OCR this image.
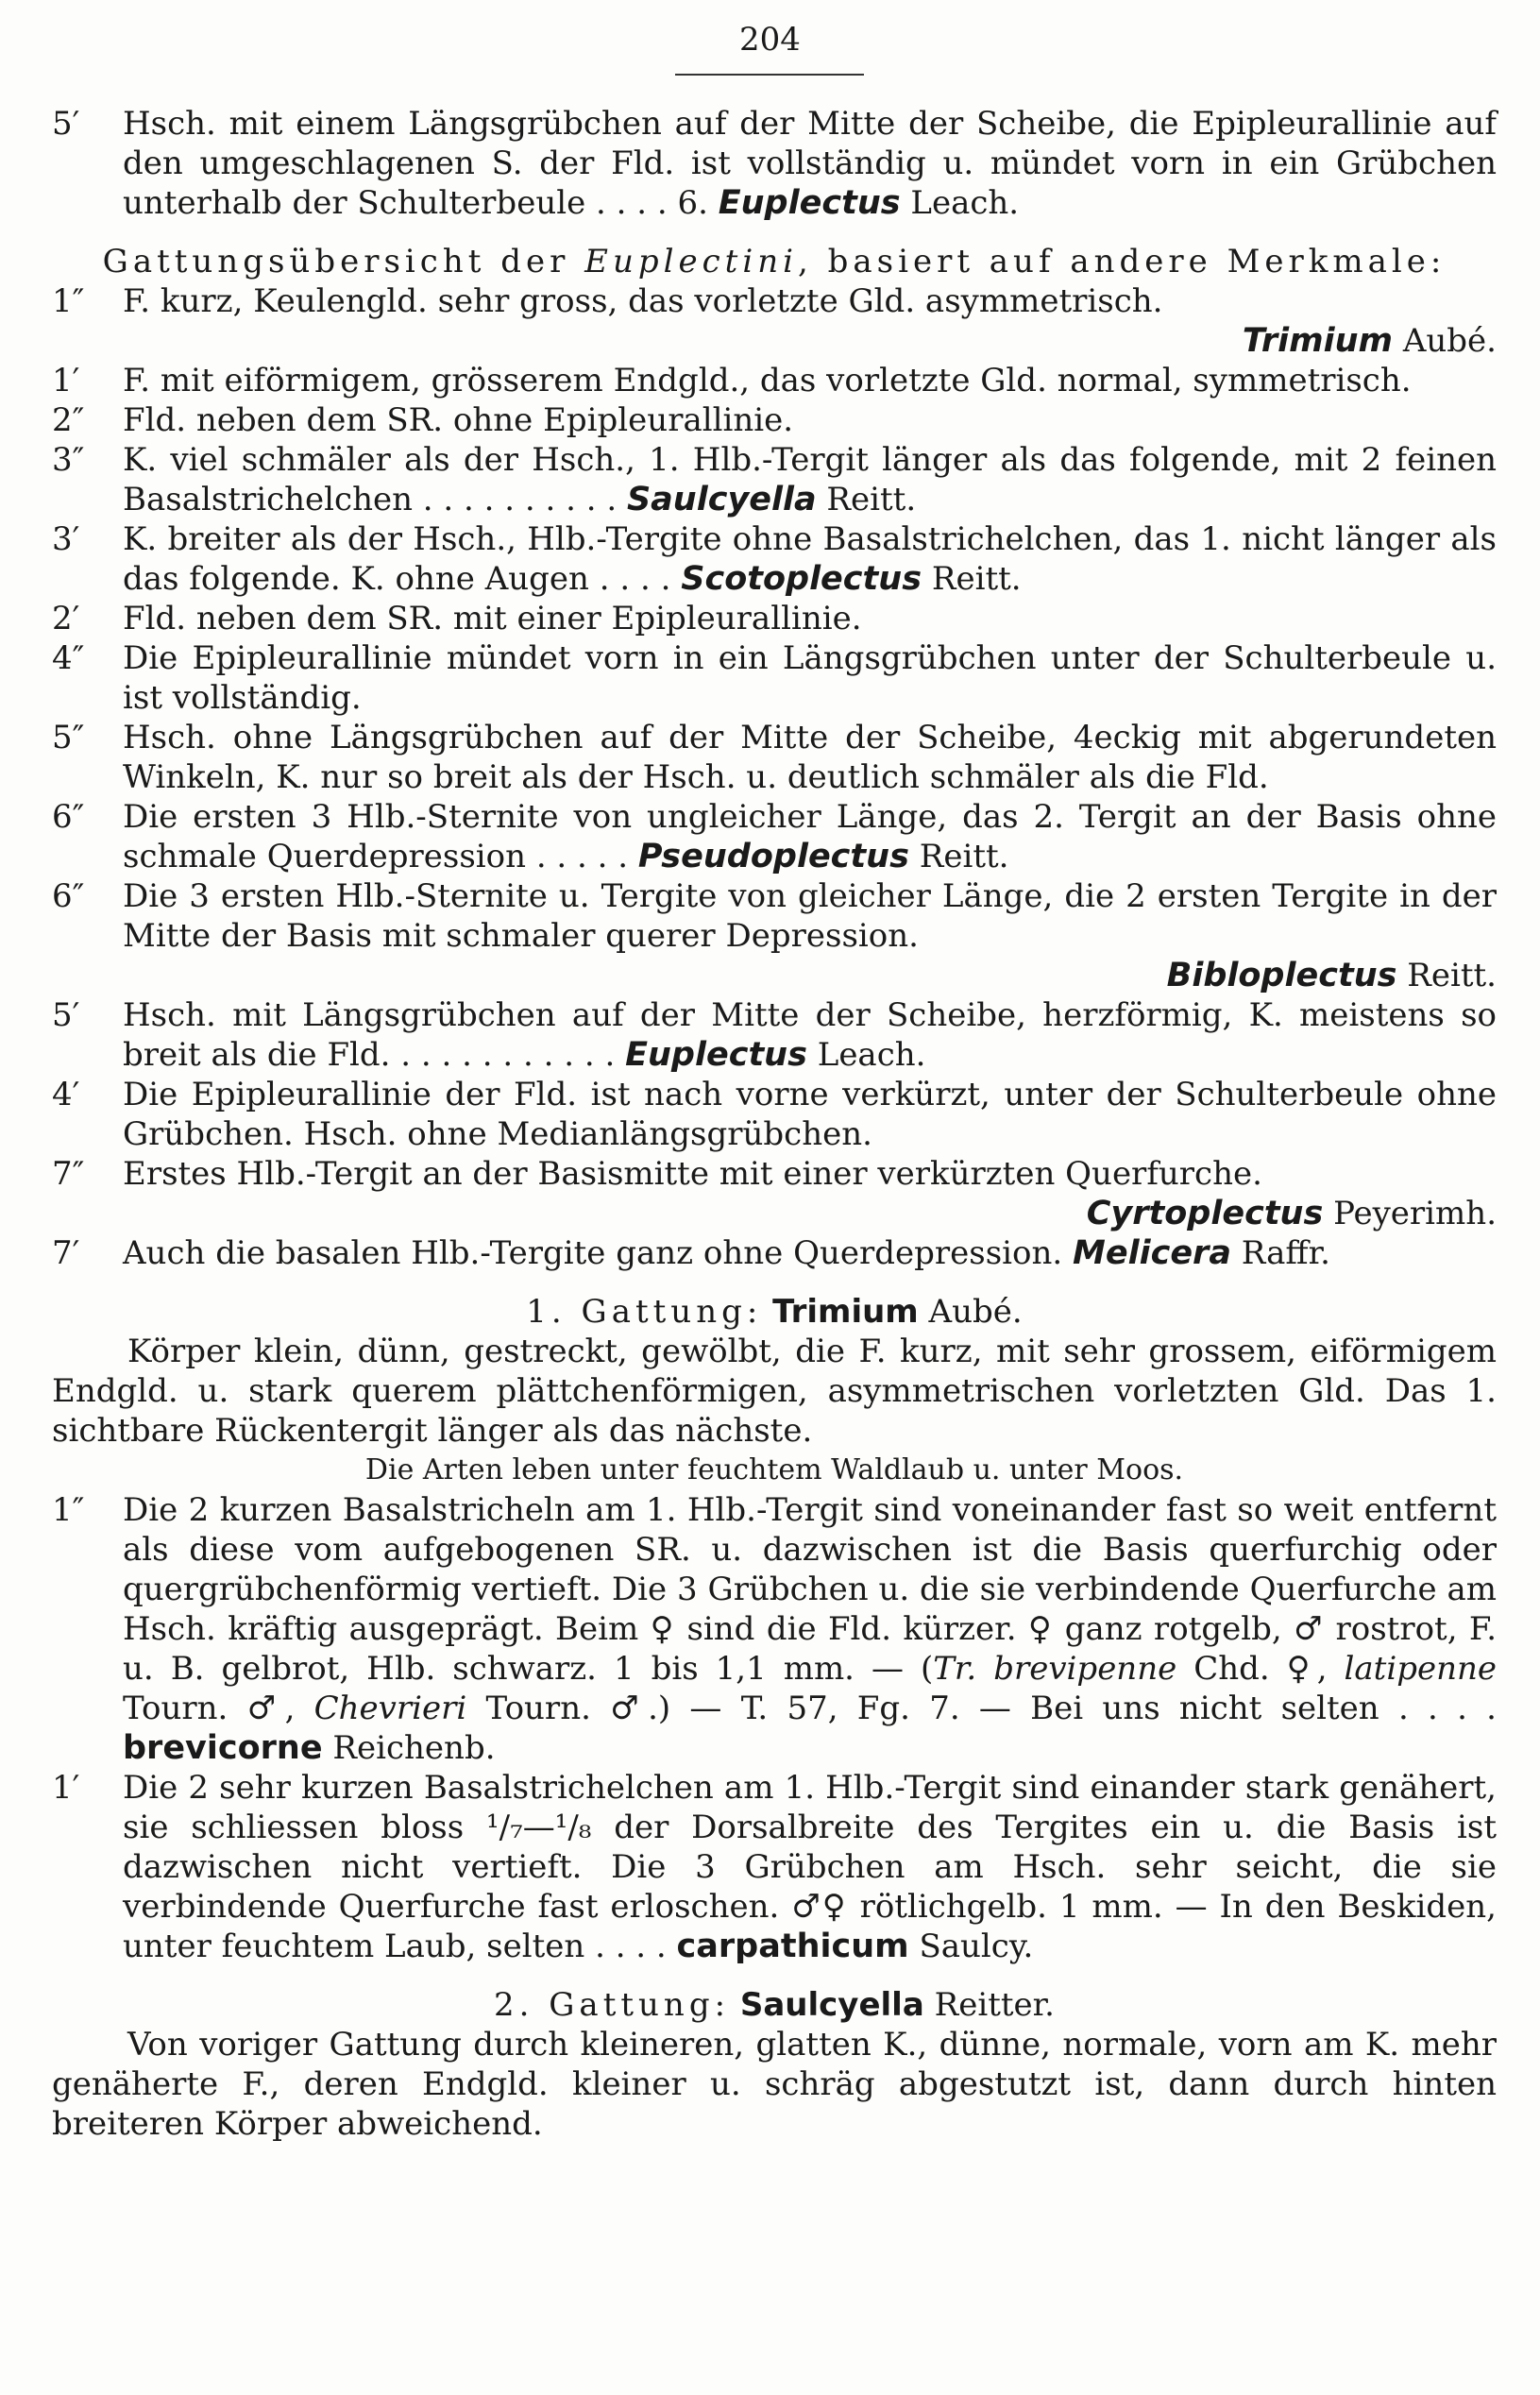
204

5′	Hsch. mit einem Längsgrübchen auf der Mitte der Scheibe, die Epipleurallinie auf den umgeschlagenen S. der Fld. ist vollständig u. mündet vorn in ein Grübchen unterhalb der Schulterbeule . . . . 6. Euplectus Leach.

Gattungsübersicht der Euplectini, basiert auf andere Merkmale:

1″	F. kurz, Keulengld. sehr gross, das vorletzte Gld. asymmetrisch.

Trimium Aubé.

1′	F. mit eiförmigem, grösserem Endgld., das vorletzte Gld. normal, symmetrisch.

2″	Fld. neben dem SR. ohne Epipleurallinie.

3″	K. viel schmäler als der Hsch., 1. Hlb.-Tergit länger als das folgende, mit 2 feinen Basalstrichelchen . . . . . . . . . . Saulcyella Reitt.

3′	K. breiter als der Hsch., Hlb.-Tergite ohne Basalstrichelchen, das 1. nicht länger als das folgende. K. ohne Augen . . . . Scotoplectus Reitt.

2′	Fld. neben dem SR. mit einer Epipleurallinie.

4″	Die Epipleurallinie mündet vorn in ein Längsgrübchen unter der Schulterbeule u. ist vollständig.

5″	Hsch. ohne Längsgrübchen auf der Mitte der Scheibe, 4eckig mit abgerundeten Winkeln, K. nur so breit als der Hsch. u. deutlich schmäler als die Fld.

6″	Die ersten 3 Hlb.-Sternite von ungleicher Länge, das 2. Tergit an der Basis ohne schmale Querdepression . . . . . Pseudoplectus Reitt.

6″	Die 3 ersten Hlb.-Sternite u. Tergite von gleicher Länge, die 2 ersten Tergite in der Mitte der Basis mit schmaler querer Depression.

Bibloplectus Reitt.

5′	Hsch. mit Längsgrübchen auf der Mitte der Scheibe, herzförmig, K. meistens so breit als die Fld. . . . . . . . . . . . Euplectus Leach.

4′	Die Epipleurallinie der Fld. ist nach vorne verkürzt, unter der Schulterbeule ohne Grübchen. Hsch. ohne Medianlängsgrübchen.

7″	Erstes Hlb.-Tergit an der Basismitte mit einer verkürzten Querfurche.

Cyrtoplectus Peyerimh.

7′	Auch die basalen Hlb.-Tergite ganz ohne Querdepression. Melicera Raffr.

1. Gattung: Trimium Aubé.

Körper klein, dünn, gestreckt, gewölbt, die F. kurz, mit sehr grossem, eiförmigem Endgld. u. stark querem plättchenförmigen, asymmetrischen vorletzten Gld. Das 1. sichtbare Rückentergit länger als das nächste.

Die Arten leben unter feuchtem Waldlaub u. unter Moos.

1″	Die 2 kurzen Basalstricheln am 1. Hlb.-Tergit sind voneinander fast so weit entfernt als diese vom aufgebogenen SR. u. dazwischen ist die Basis querfurchig oder quergrübchenförmig vertieft. Die 3 Grübchen u. die sie verbindende Querfurche am Hsch. kräftig ausgeprägt. Beim ♀ sind die Fld. kürzer. ♀ ganz rotgelb, ♂ rostrot, F. u. B. gelbrot, Hlb. schwarz. 1 bis 1,1 mm. — (Tr. brevipenne Chd. ♀, latipenne Tourn. ♂, Chevrieri Tourn. ♂.) — T. 57, Fg. 7. — Bei uns nicht selten . . . . brevicorne Reichenb.

1′	Die 2 sehr kurzen Basalstrichelchen am 1. Hlb.-Tergit sind einander stark genähert, sie schliessen bloss ¹/₇—¹/₈ der Dorsalbreite des Tergites ein u. die Basis ist dazwischen nicht vertieft. Die 3 Grübchen am Hsch. sehr seicht, die sie verbindende Querfurche fast erloschen. ♂♀ rötlichgelb. 1 mm. — In den Beskiden, unter feuchtem Laub, selten . . . . carpathicum Saulcy.

2. Gattung: Saulcyella Reitter.

Von voriger Gattung durch kleineren, glatten K., dünne, normale, vorn am K. mehr genäherte F., deren Endgld. kleiner u. schräg abgestutzt ist, dann durch hinten breiteren Körper abweichend.
